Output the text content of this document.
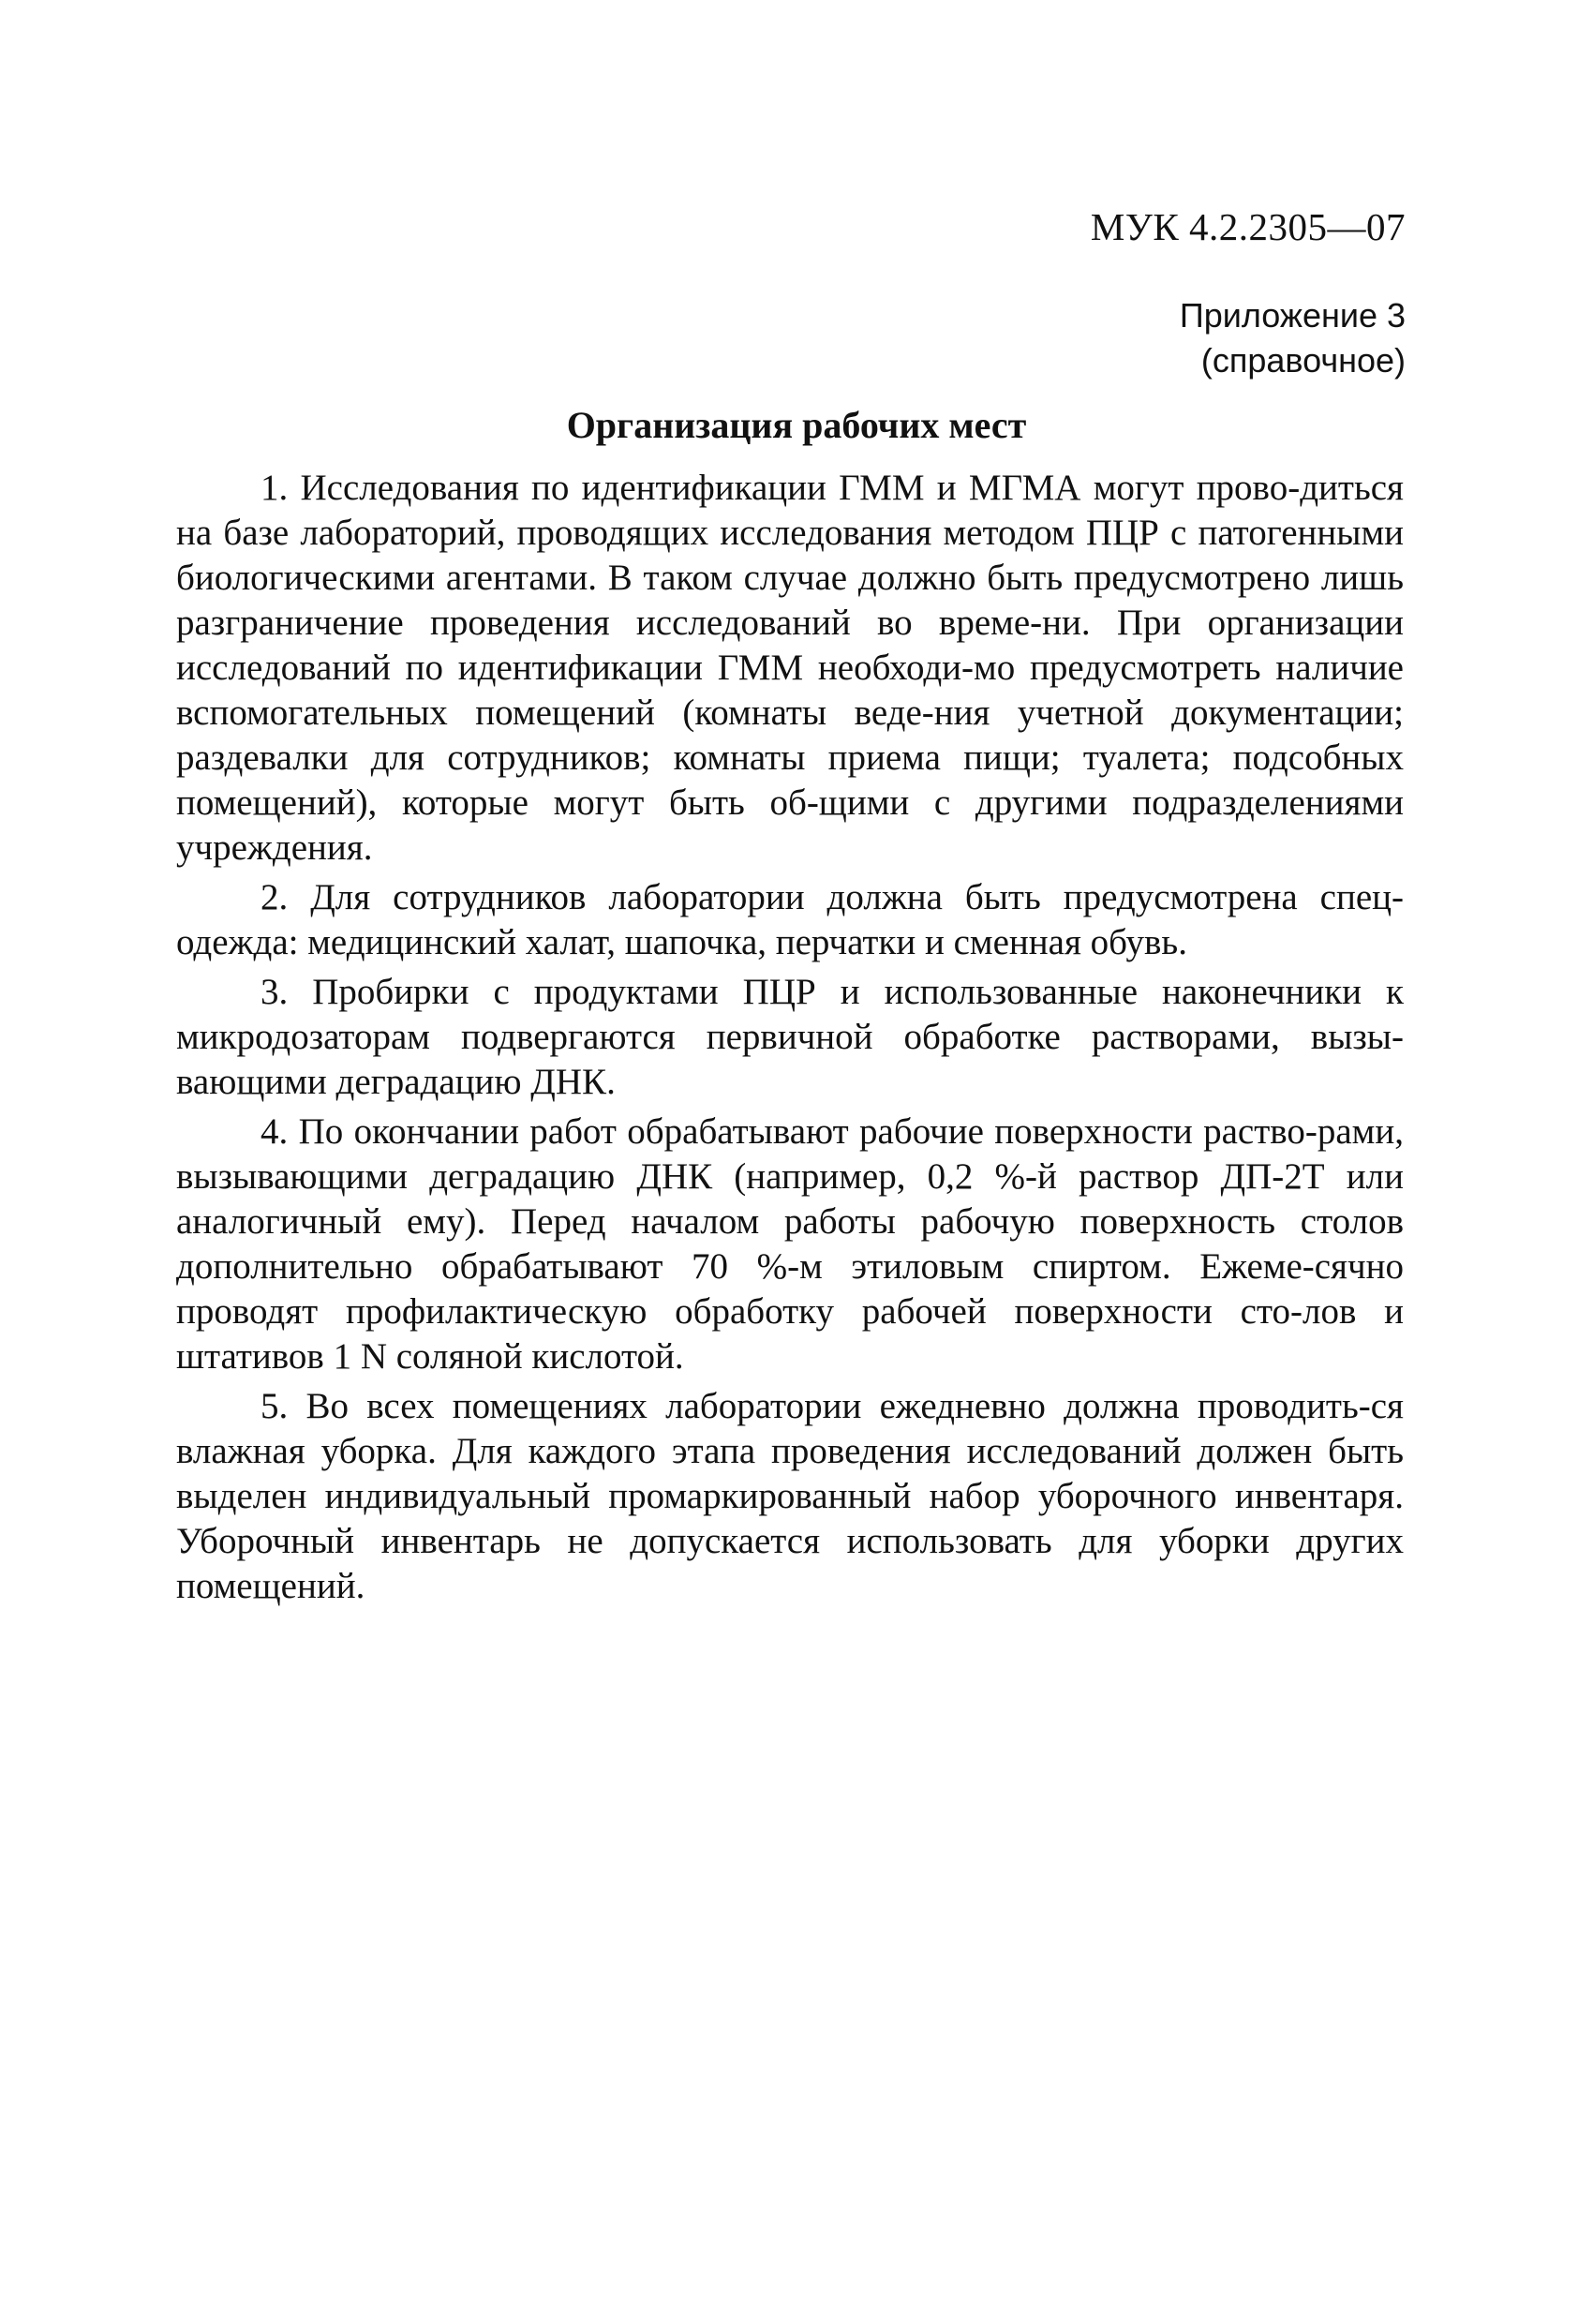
МУК 4.2.2305—07
Приложение 3
(справочное)
Организация рабочих мест

1. Исследования по идентификации ГММ и МГМА могут прово-диться на базе лабораторий, проводящих исследования методом ПЦР с патогенными биологическими агентами. В таком случае должно быть предусмотрено лишь разграничение проведения исследований во време-ни. При организации исследований по идентификации ГММ необходи-мо предусмотреть наличие вспомогательных помещений (комнаты веде-ния учетной документации; раздевалки для сотрудников; комнаты приема пищи; туалета; подсобных помещений), которые могут быть об-щими с другими подразделениями учреждения.

2. Для сотрудников лаборатории должна быть предусмотрена спец-одежда: медицинский халат, шапочка, перчатки и сменная обувь.

3. Пробирки с продуктами ПЦР и использованные наконечники к микродозаторам подвергаются первичной обработке растворами, вызы-вающими деградацию ДНК.

4. По окончании работ обрабатывают рабочие поверхности раство-рами, вызывающими деградацию ДНК (например, 0,2 %-й раствор ДП-2Т или аналогичный ему). Перед началом работы рабочую поверхность столов дополнительно обрабатывают 70 %-м этиловым спиртом. Ежеме-сячно проводят профилактическую обработку рабочей поверхности сто-лов и штативов 1 N соляной кислотой.

5. Во всех помещениях лаборатории ежедневно должна проводить-ся влажная уборка. Для каждого этапа проведения исследований должен быть выделен индивидуальный промаркированный набор уборочного инвентаря. Уборочный инвентарь не допускается использовать для уборки других помещений.
